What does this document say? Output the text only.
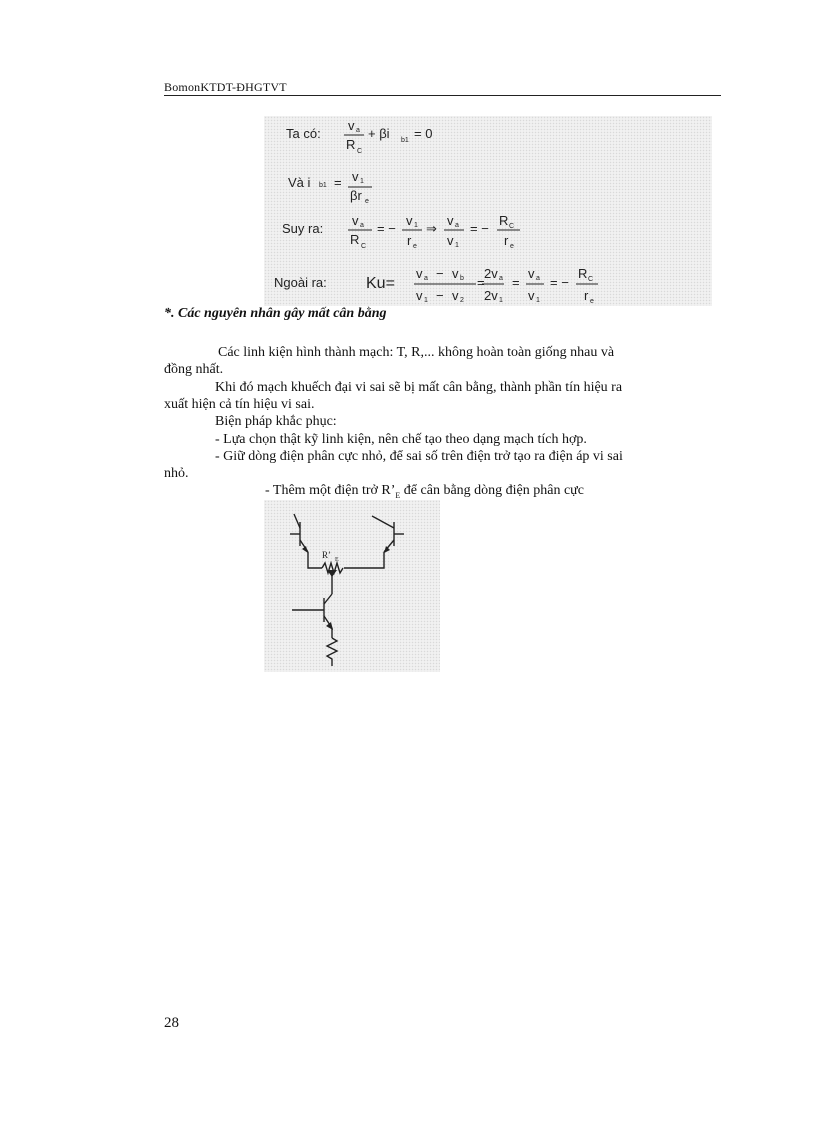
BomonKTDT-ĐHGTVT
Ta có:
v a
R C
+ βi b1 = 0
Và i b1 = v 1
βr e
Suy ra:
v a
R C
= −
v 1
r e
⇒
v a
v 1
= −
R C
r e
Ngoài ra: Ku=
v a − v b
v 1 − v 2
=
2v a
2v 1
=
v a
v 1
= −
R C
r e
*. Các nguyên nhân gây mất cân bằng
Các linh kiện hình thành mạch: T, R,... không hoàn toàn giống nhau và
đồng nhất.
Khi đó mạch khuếch đại vi sai sẽ bị mất cân bằng, thành phần tín hiệu ra
xuất hiện cả tín hiệu vi sai.
Biện pháp khắc phục:
- Lựa chọn thật kỹ linh kiện, nên chế tạo theo dạng mạch tích hợp.
- Giữ dòng điện phân cực nhỏ, để sai số trên điện trở tạo ra điện áp vi sai
nhỏ.
- Thêm một điện trở $R’_E$ để cân bằng dòng điện phân cực
R’ E
28
